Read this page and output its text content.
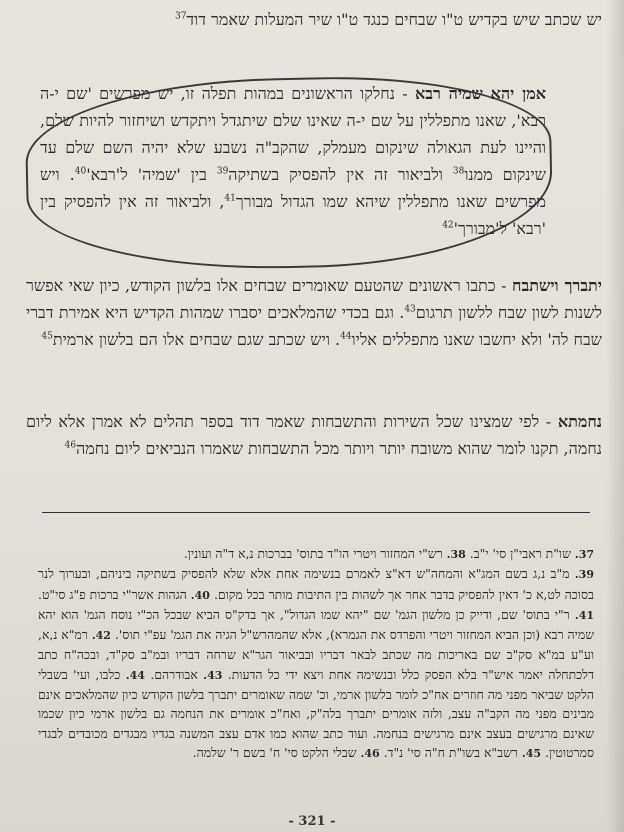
יש שכתב שיש בקדיש ט"ו שבחים כנגד ט"ו שיר המעלות שאמר דוד$^{37}$

אמן יהא שמיה רבא - נחלקו הראשונים במהות תפלה זו, יש מפרשים 'שם י-ה רבא', שאנו מתפללין על שם י-ה שאינו שלם שיתגדל ויתקדש ושיחזור להיות שלם, והיינו לעת הגאולה שינקום מעמלק, שהקב"ה נשבע שלא יהיה השם שלם עד שינקום ממנו$^{38}$ ולביאור זה אין להפסיק בשתיקה$^{39}$ בין 'שמיה' $ל'רבא'^{40}$. ויש מפרשים שאנו מתפללין שיהא שמו הגדול מבורך$^{41}$, ולביאור זה אין להפסיק בין 'רבא' $ל'מבורך'^{42}$

יתברך וישתבח - כתבו ראשונים שהטעם שאומרים שבחים אלו בלשון הקודש, כיון שאי אפשר לשנות לשון שבח ללשון תרגום$^{43}$. וגם בכדי שהמלאכים יסברו שמהות הקדיש היא אמירת דברי שבח לה' ולא יחשבו שאנו מתפללים אליו$^{44}$. ויש שכתב שגם שבחים אלו הם בלשון ארמית$^{45}$

נחמתא - לפי שמצינו שכל השירות והתשבחות שאמר דוד בספר תהלים לא אמרן אלא ליום נחמה, תקנו לומר שהוא משובח יותר ויותר מכל התשבחות שאמרו הנביאים ליום נחמה$^{46}$

37. שו"ת ראבי"ן סי' י"ב. 38. רש"י המחזור ויטרי הו"ד בתוס' בברכות נ,א ד"ה ועונין.

39. מ"ב נ,ג בשם המג"א והמחה"ש דא"צ לאמרם בנשימה אחת אלא שלא להפסיק בשתיקה ביניהם, ובערוך לנר בסוכה לט,א כ' דאין להפסיק בדבר אחר אך לשהות בין התיבות מותר בכל מקום. 40. הגהות אשר"י ברכות פ"ג סי"ט. 41. ר"י בתוס' שם, ודייק כן מלשון הגמ' שם "יהא שמו הגדול", אך בדק"ס הביא שבכל הכ"י נוסח הגמ' הוא יהא שמיה רבא (וכן הביא המחזור ויטרי והפרדס את הגמרא), אלא שהמהרש"ל הגיה את הגמ' עפ"י תוס'. 42. רמ"א נ,א, וע"ע במ"א סק"ב שם באריכות מה שכתב לבאר דבריו ובביאור הגר"א שרחה דבריו ובמ"ב סק"ד, ובכה"ח כתב דלכתחלה יאמר איש"ר בלא הפסק כלל ובנשימה אחת ויצא ידי כל הדעות. 43. אבודרהם. 44. כלבו, ועי' בשבלי הלקט שביאר מפני מה חוזרים אח"כ לומר בלשון ארמי, וכ' שמה שאומרים יתברך בלשון הקודש כיון שהמלאכים אינם מבינים מפני מה הקב"ה עצב, ולזה אומרים יתברך בלה"ק, ואח"כ אומרים את הנחמה גם בלשון ארמי כיון שכמו שאינם מרגישים בעצב אינם מרגישים בנחמה. ועוד כתב שהוא כמו אדם עצב המשנה בגדיו מבגדים מכובדים לבגדי סמרטוטין. 45. רשב"א בשו"ת ח"ה סי' נ"ד. 46. שבלי הלקט סי' ח' בשם ר' שלמה.

- 321 -
